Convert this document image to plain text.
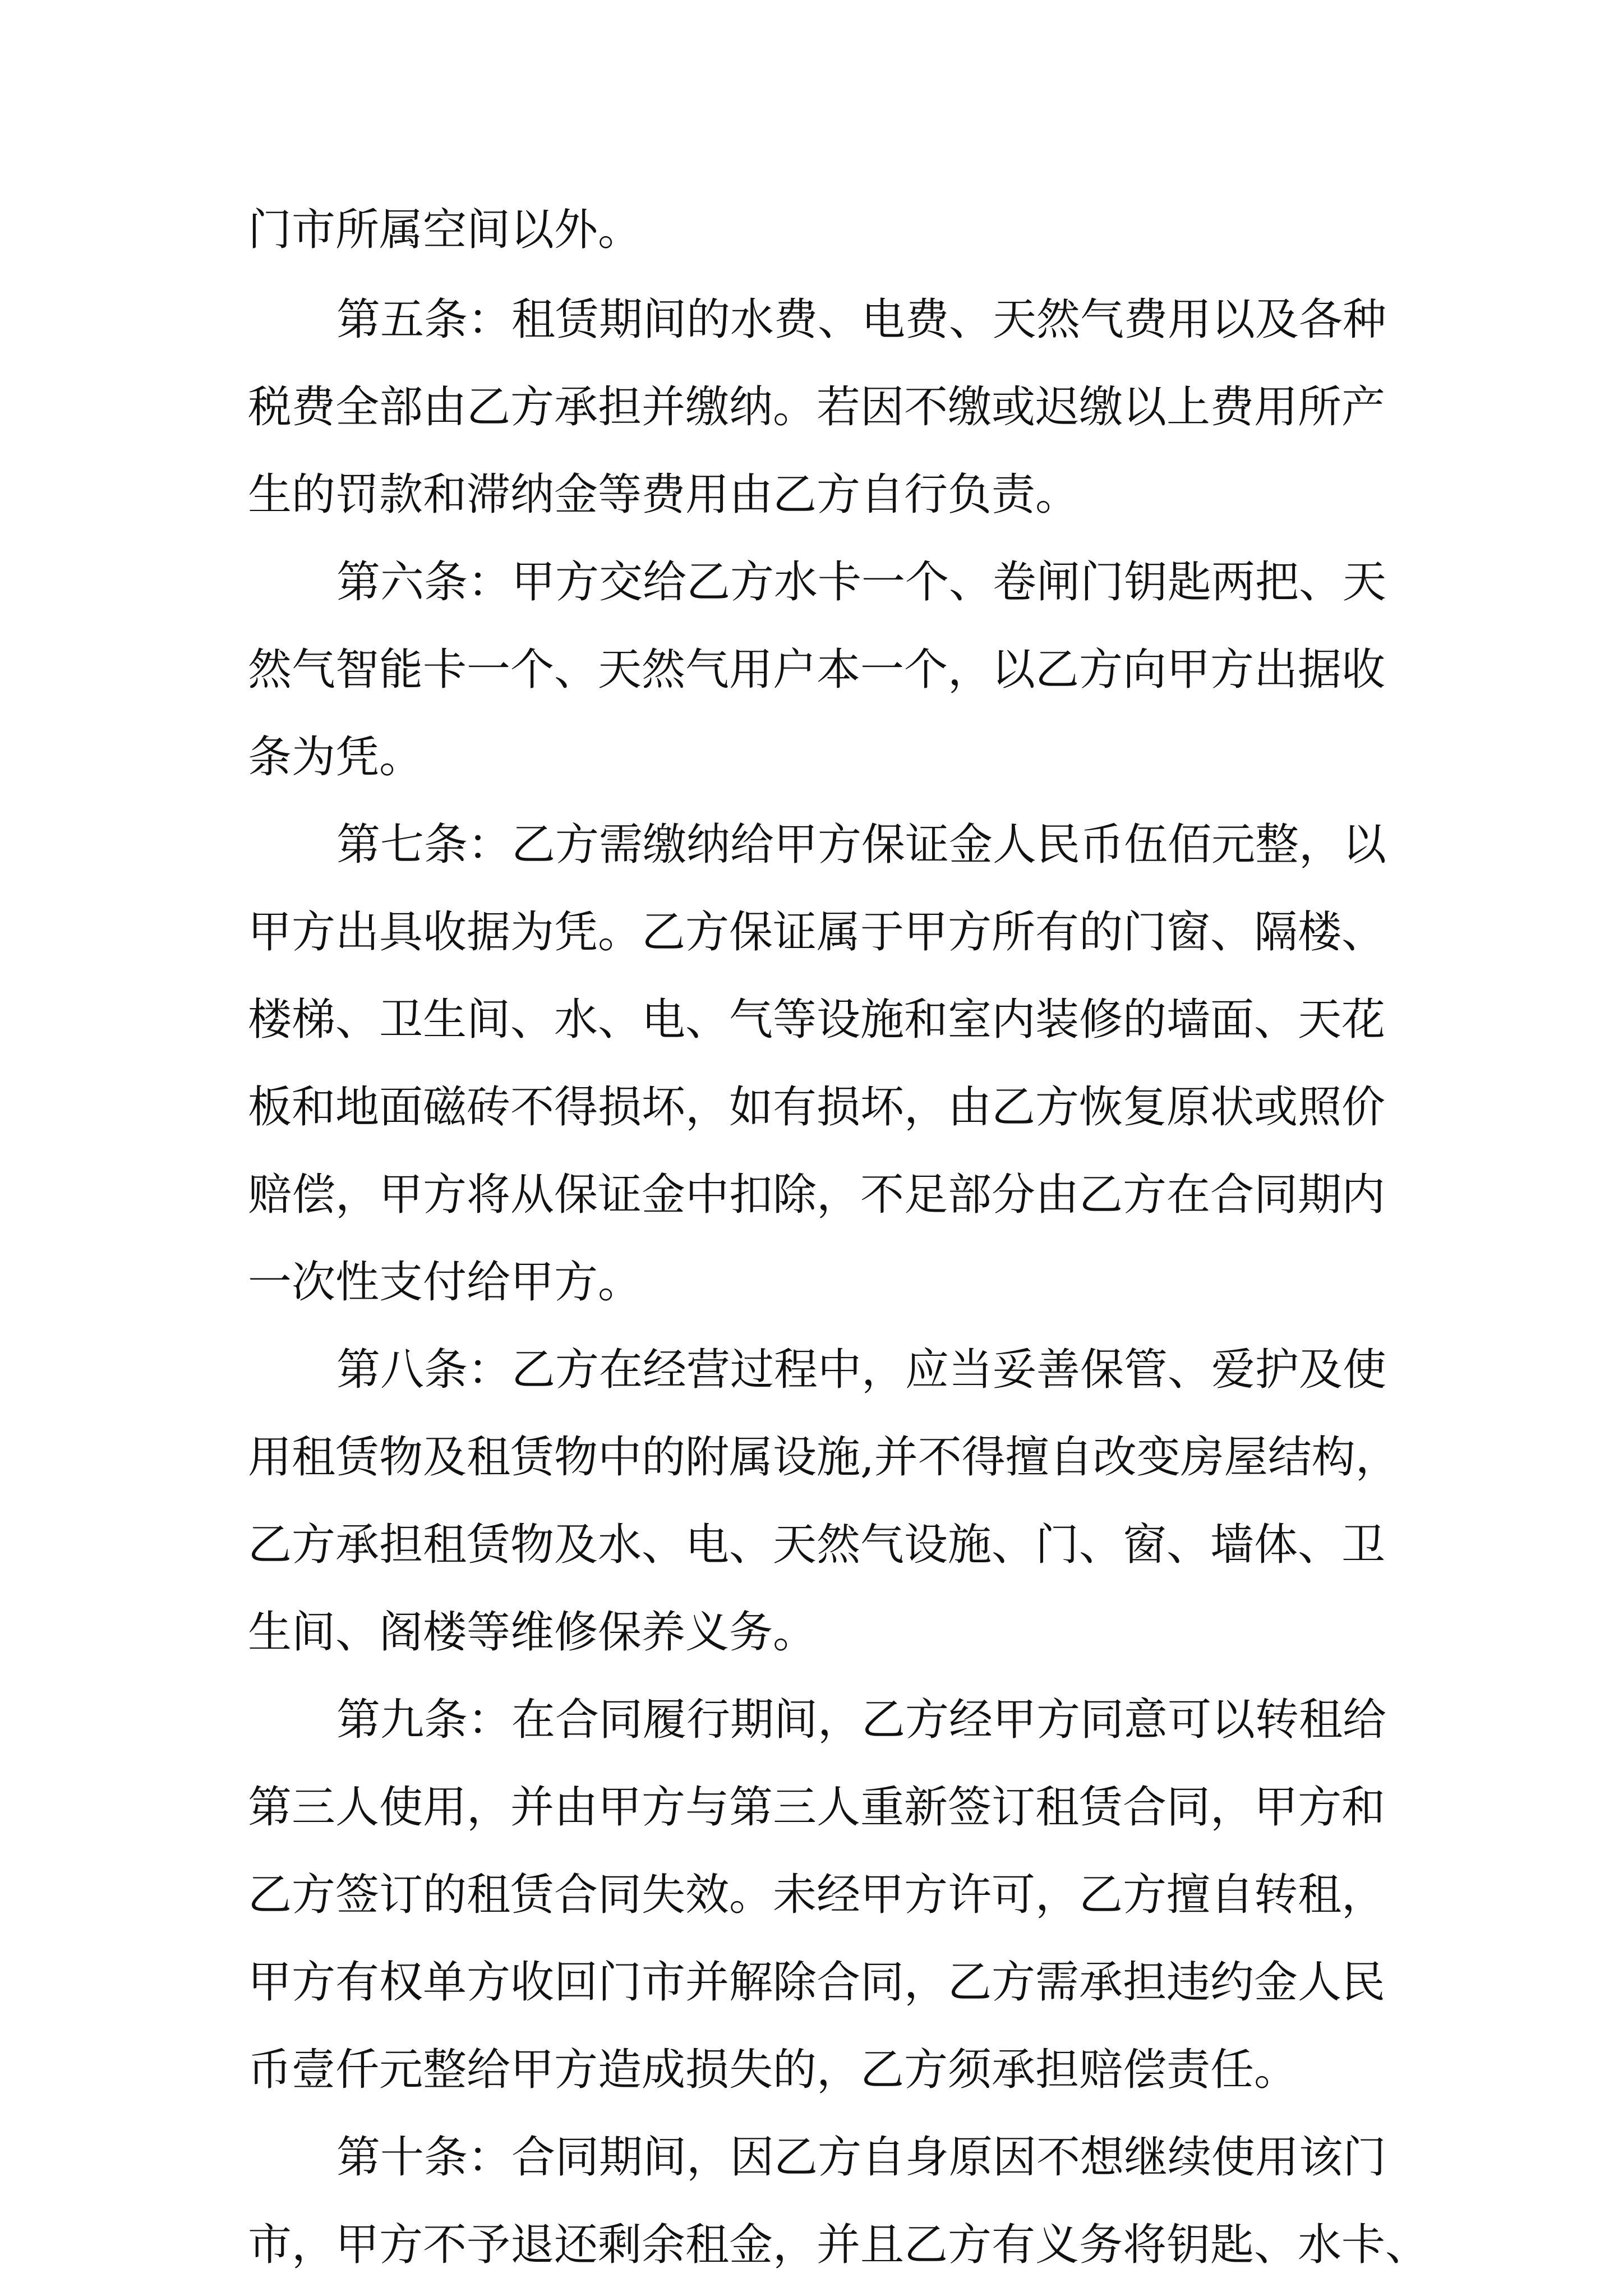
门市所属空间以外。

第五条：租赁期间的水费、电费、天然气费用以及各种

税费全部由乙方承担并缴纳。若因不缴或迟缴以上费用所产

生的罚款和滞纳金等费用由乙方自行负责。

第六条：甲方交给乙方水卡一个、卷闸门钥匙两把、天

然气智能卡一个、天然气用户本一个，以乙方向甲方出据收

条为凭。

第七条：乙方需缴纳给甲方保证金人民币伍佰元整，以

甲方出具收据为凭。乙方保证属于甲方所有的门窗、隔楼、

楼梯、卫生间、水、电、气等设施和室内装修的墙面、天花

板和地面磁砖不得损坏，如有损坏，由乙方恢复原状或照价

赔偿，甲方将从保证金中扣除，不足部分由乙方在合同期内

一次性支付给甲方。

第八条：乙方在经营过程中，应当妥善保管、爱护及使

用租赁物及租赁物中的附属设施,并不得擅自改变房屋结构，

乙方承担租赁物及水、电、天然气设施、门、窗、墙体、卫

生间、阁楼等维修保养义务。

第九条：在合同履行期间，乙方经甲方同意可以转租给

第三人使用，并由甲方与第三人重新签订租赁合同，甲方和

乙方签订的租赁合同失效。未经甲方许可，乙方擅自转租，

甲方有权单方收回门市并解除合同，乙方需承担违约金人民

币壹仟元整给甲方造成损失的，乙方须承担赔偿责任。

第十条：合同期间，因乙方自身原因不想继续使用该门

市，甲方不予退还剩余租金，并且乙方有义务将钥匙、水卡、
